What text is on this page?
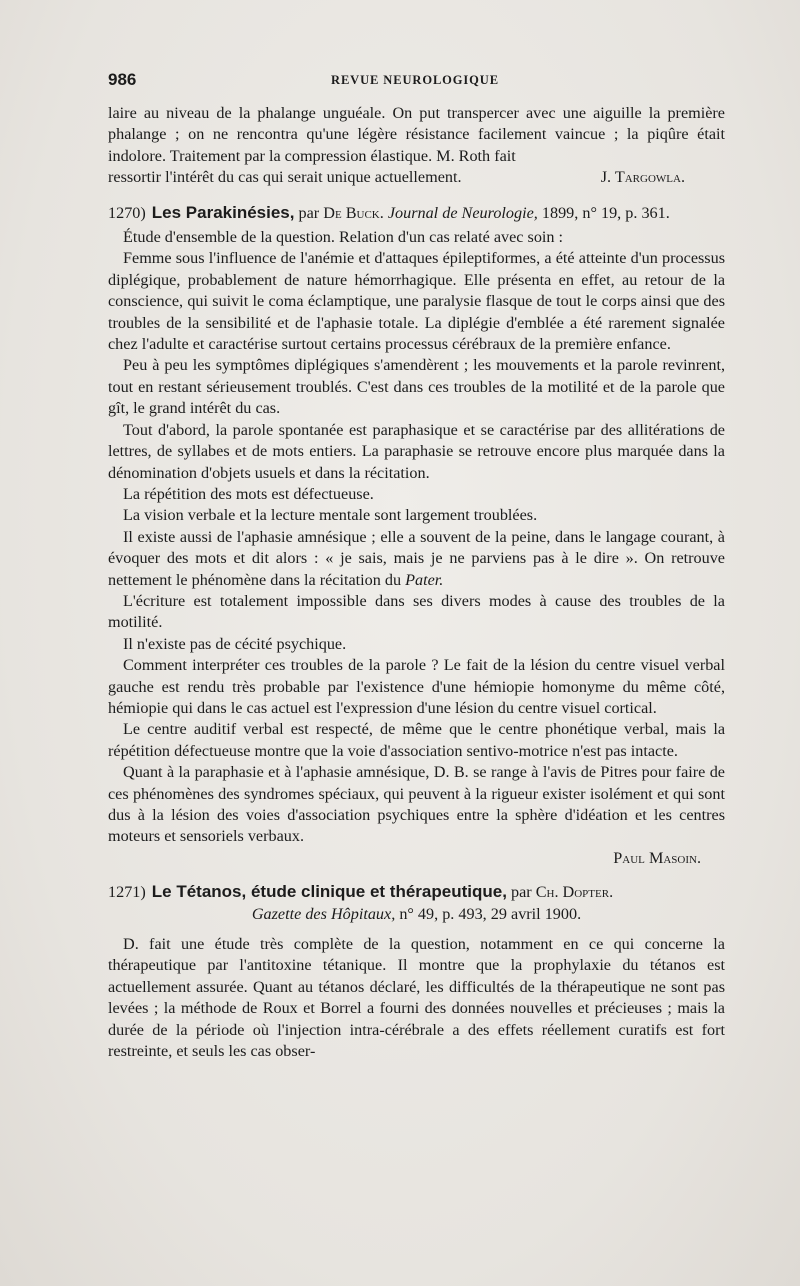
986	REVUE NEUROLOGIQUE

laire au niveau de la phalange unguéale. On put transpercer avec une aiguille la première phalange ; on ne rencontra qu'une légère résistance facilement vaincue ; la piqûre était indolore. Traitement par la compression élastique. M. Roth fait

ressortir l'intérêt du cas qui serait unique actuellement.	J. Targowla.
1270) Les Parakinésies, par De Buck. Journal de Neurologie, 1899, n° 19, p. 361.

Étude d'ensemble de la question. Relation d'un cas relaté avec soin :

Femme sous l'influence de l'anémie et d'attaques épileptiformes, a été atteinte d'un processus diplégique, probablement de nature hémorrhagique. Elle présenta en effet, au retour de la conscience, qui suivit le coma éclamptique, une paralysie flasque de tout le corps ainsi que des troubles de la sensibilité et de l'aphasie totale. La diplégie d'emblée a été rarement signalée chez l'adulte et caractérise surtout certains processus cérébraux de la première enfance.

Peu à peu les symptômes diplégiques s'amendèrent ; les mouvements et la parole revinrent, tout en restant sérieusement troublés. C'est dans ces troubles de la motilité et de la parole que gît, le grand intérêt du cas.

Tout d'abord, la parole spontanée est paraphasique et se caractérise par des allitérations de lettres, de syllabes et de mots entiers. La paraphasie se retrouve encore plus marquée dans la dénomination d'objets usuels et dans la récitation.

La répétition des mots est défectueuse.

La vision verbale et la lecture mentale sont largement troublées.

Il existe aussi de l'aphasie amnésique ; elle a souvent de la peine, dans le langage courant, à évoquer des mots et dit alors : « je sais, mais je ne parviens pas à le dire ». On retrouve nettement le phénomène dans la récitation du Pater.

L'écriture est totalement impossible dans ses divers modes à cause des troubles de la motilité.

Il n'existe pas de cécité psychique.

Comment interpréter ces troubles de la parole ? Le fait de la lésion du centre visuel verbal gauche est rendu très probable par l'existence d'une hémiopie homonyme du même côté, hémiopie qui dans le cas actuel est l'expression d'une lésion du centre visuel cortical.

Le centre auditif verbal est respecté, de même que le centre phonétique verbal, mais la répétition défectueuse montre que la voie d'association sentivo-motrice n'est pas intacte.

Quant à la paraphasie et à l'aphasie amnésique, D. B. se range à l'avis de Pitres pour faire de ces phénomènes des syndromes spéciaux, qui peuvent à la rigueur exister isolément et qui sont dus à la lésion des voies d'association psychiques entre la sphère d'idéation et les centres moteurs et sensoriels verbaux.

Paul Masoin.
1271) Le Tétanos, étude clinique et thérapeutique, par Ch. Dopter.
Gazette des Hôpitaux, n° 49, p. 493, 29 avril 1900.

D. fait une étude très complète de la question, notamment en ce qui concerne la thérapeutique par l'antitoxine tétanique. Il montre que la prophylaxie du tétanos est actuellement assurée. Quant au tétanos déclaré, les difficultés de la thérapeutique ne sont pas levées ; la méthode de Roux et Borrel a fourni des données nouvelles et précieuses ; mais la durée de la période où l'injection intra-cérébrale a des effets réellement curatifs est fort restreinte, et seuls les cas obser-
